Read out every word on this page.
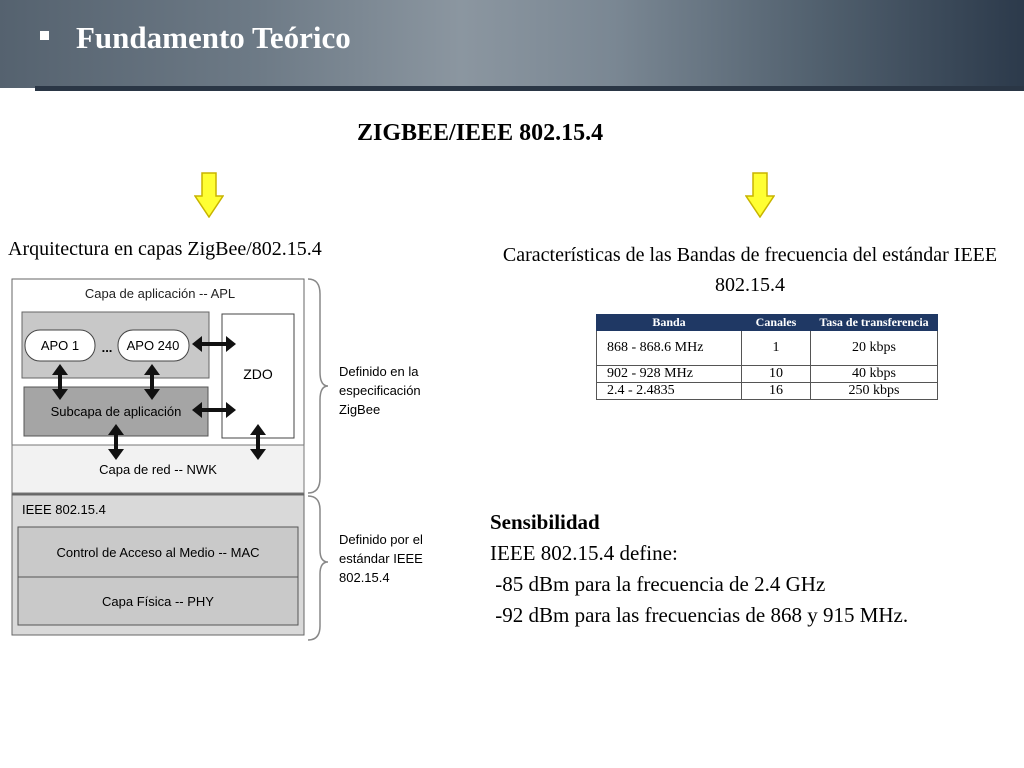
Fundamento Teórico
ZIGBEE/IEEE 802.15.4
Arquitectura en capas ZigBee/802.15.4	Características de las Bandas de frecuencia del estándar IEEE 802.15.4
Capa de aplicación -- APL
APO 1 ... APO 240
ZDO
Subcapa de aplicación
Capa de red -- NWK
IEEE 802.15.4
Control de Acceso al Medio -- MAC
Capa Física -- PHY
Definido en la
especificación
ZigBee
Definido por el
estándar IEEE
802.15.4
Banda	Canales	Tasa de transferencia
868 - 868.6 MHz	1	20 kbps
902 - 928 MHz	10	40 kbps
2.4 - 2.4835	16	250 kbps
Sensibilidad
IEEE 802.15.4 define:
-85 dBm para la frecuencia de 2.4 GHz
-92 dBm para las frecuencias de 868 y 915 MHz.
